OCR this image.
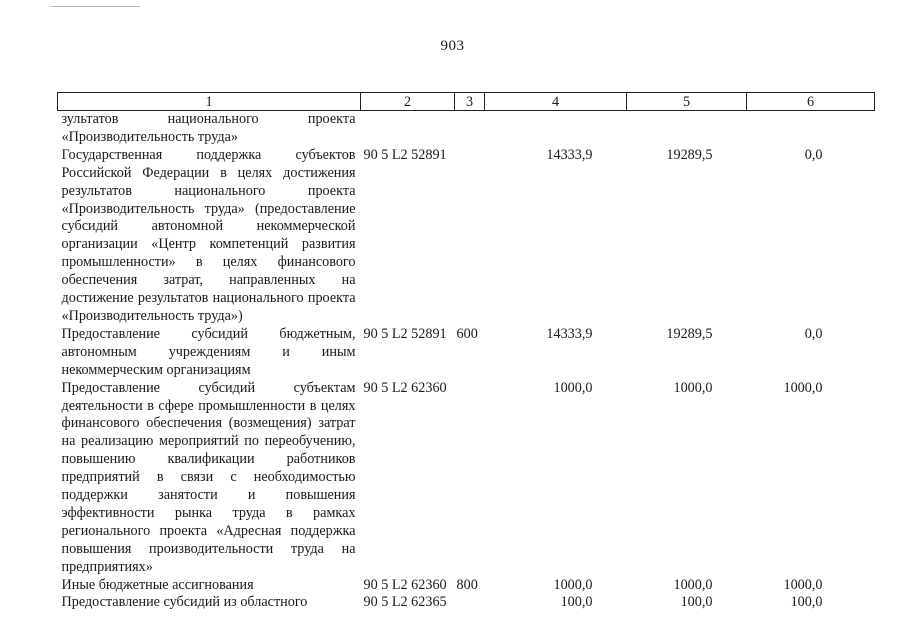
903
1	2	3	4	5	6
зультатов национального проекта «Производительность труда»					
Государственная поддержка субъектов Российской Федерации в целях достижения результатов национального проекта «Производительность труда» (предоставление субсидий автономной некоммерческой организации «Центр компетенций развития промышленности» в целях финансового обеспечения затрат, направленных на достижение результатов национального проекта «Производительность труда»)	90 5 L2 52891		14333,9	19289,5	0,0
Предоставление субсидий бюджетным, автономным учреждениям и иным некоммерческим организациям	90 5 L2 52891	600	14333,9	19289,5	0,0
Предоставление субсидий субъектам деятельности в сфере промышленности в целях финансового обеспечения (возмещения) затрат на реализацию мероприятий по переобучению, повышению квалификации работников предприятий в связи с необходимостью поддержки занятости и повышения эффективности рынка труда в рамках регионального проекта «Адресная поддержка повышения производительности труда на предприятиях»	90 5 L2 62360		1000,0	1000,0	1000,0
Иные бюджетные ассигнования	90 5 L2 62360	800	1000,0	1000,0	1000,0
Предоставление субсидий из областного	90 5 L2 62365		100,0	100,0	100,0
